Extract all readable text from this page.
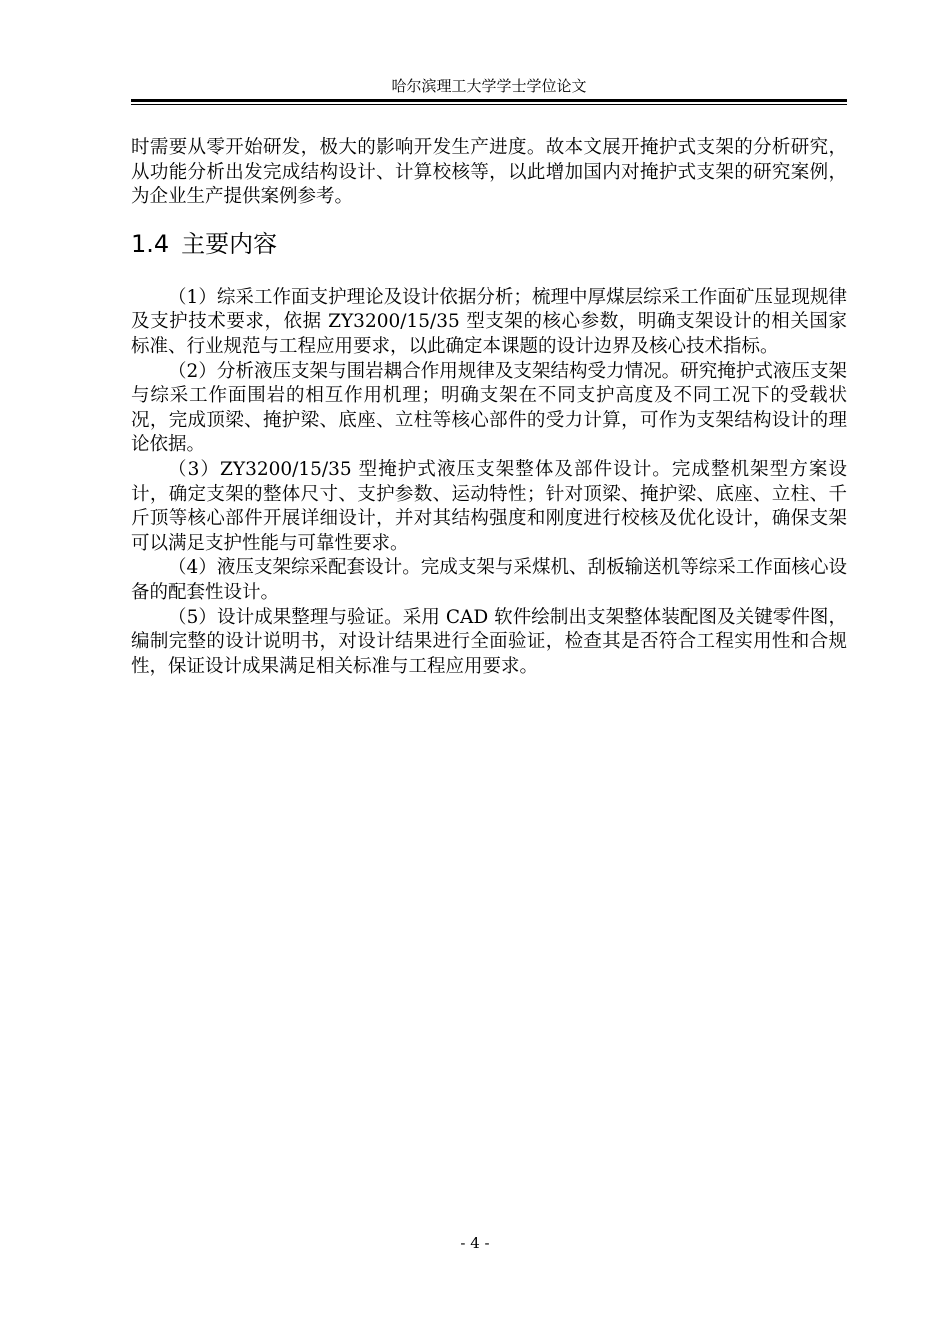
哈尔滨理工大学学士学位论文

时需要从零开始研发，极大的影响开发生产进度。故本文展开掩护式支架的分析研究，从功能分析出发完成结构设计、计算校核等，以此增加国内对掩护式支架的研究案例，为企业生产提供案例参考。

1.4 主要内容

（1）综采工作面支护理论及设计依据分析；梳理中厚煤层综采工作面矿压显现规律及支护技术要求，依据 ZY3200/15/35 型支架的核心参数，明确支架设计的相关国家标准、行业规范与工程应用要求，以此确定本课题的设计边界及核心技术指标。

（2）分析液压支架与围岩耦合作用规律及支架结构受力情况。研究掩护式液压支架与综采工作面围岩的相互作用机理；明确支架在不同支护高度及不同工况下的受载状况，完成顶梁、掩护梁、底座、立柱等核心部件的受力计算，可作为支架结构设计的理论依据。

（3）ZY3200/15/35 型掩护式液压支架整体及部件设计。完成整机架型方案设计，确定支架的整体尺寸、支护参数、运动特性；针对顶梁、掩护梁、底座、立柱、千斤顶等核心部件开展详细设计，并对其结构强度和刚度进行校核及优化设计，确保支架可以满足支护性能与可靠性要求。

（4）液压支架综采配套设计。完成支架与采煤机、刮板输送机等综采工作面核心设备的配套性设计。

（5）设计成果整理与验证。采用 CAD 软件绘制出支架整体装配图及关键零件图，编制完整的设计说明书，对设计结果进行全面验证，检查其是否符合工程实用性和合规性，保证设计成果满足相关标准与工程应用要求。

- 4 -
